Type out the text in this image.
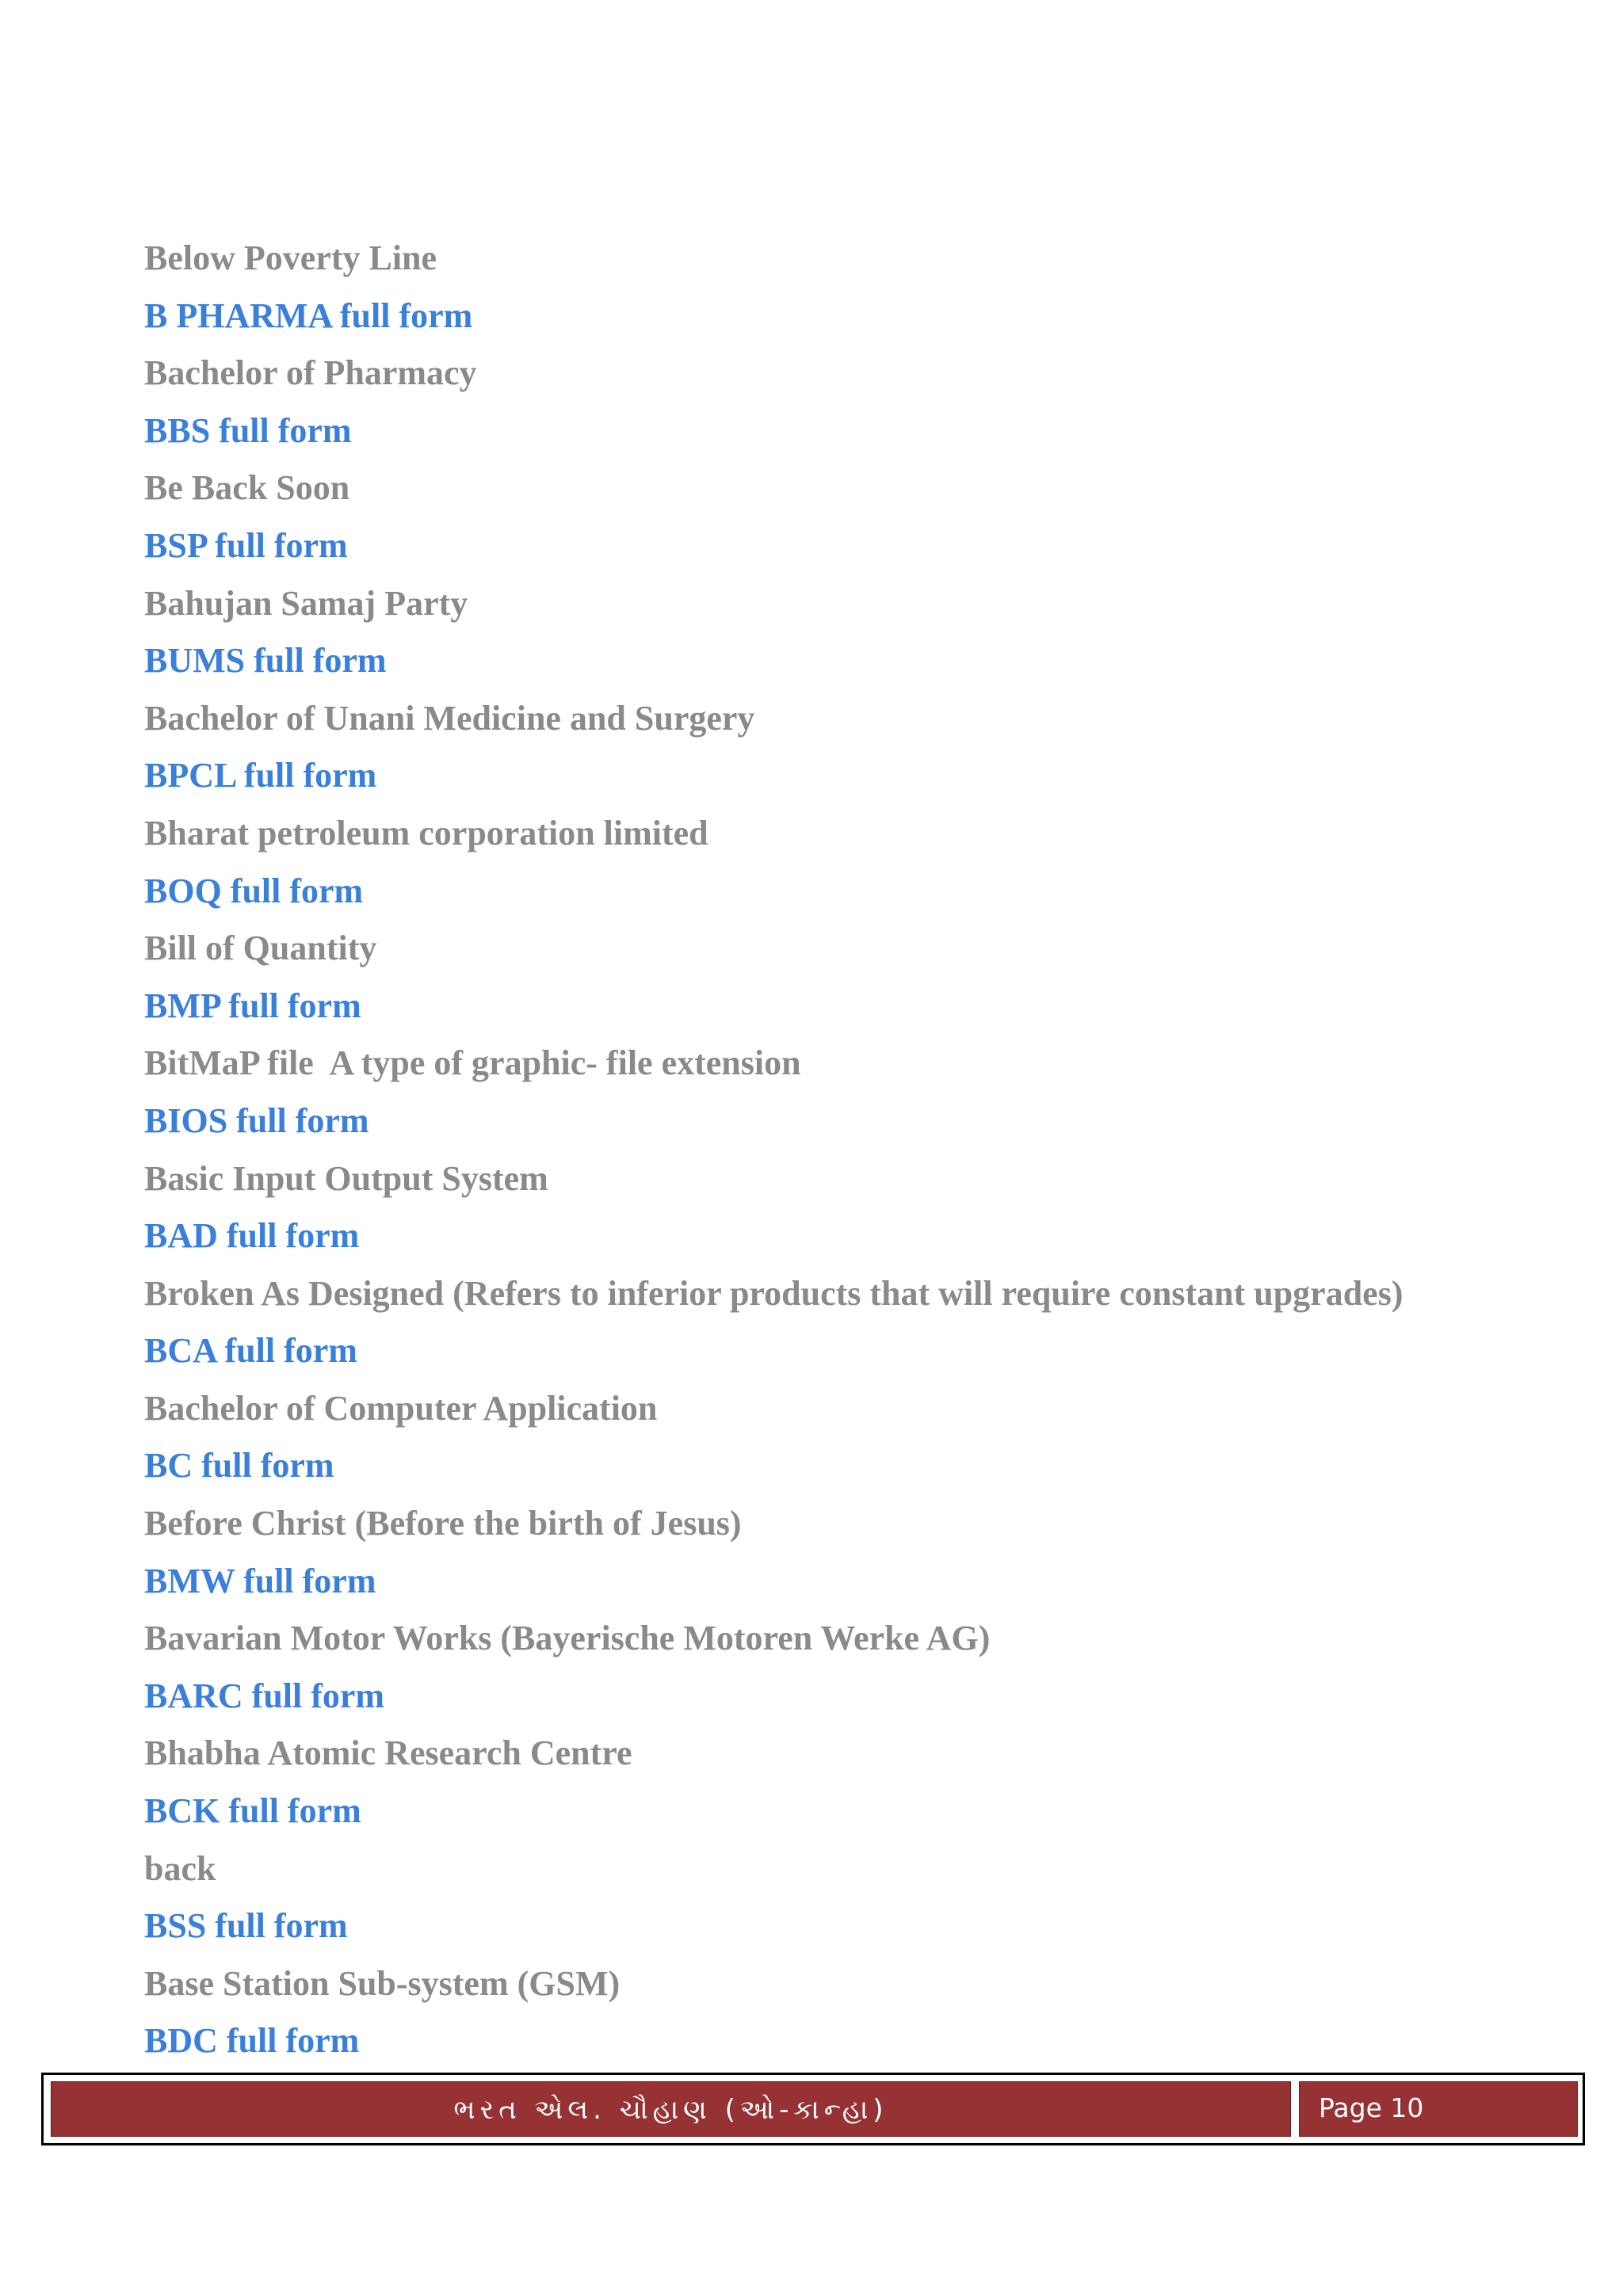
Below Poverty Line
B PHARMA full form
Bachelor of Pharmacy
BBS full form
Be Back Soon
BSP full form
Bahujan Samaj Party
BUMS full form
Bachelor of Unani Medicine and Surgery
BPCL full form
Bharat petroleum corporation limited
BOQ full form
Bill of Quantity
BMP full form
BitMaP file  A type of graphic- file extension
BIOS full form
Basic Input Output System
BAD full form
Broken As Designed (Refers to inferior products that will require constant upgrades)
BCA full form
Bachelor of Computer Application
BC full form
Before Christ (Before the birth of Jesus)
BMW full form
Bavarian Motor Works (Bayerische Motoren Werke AG)
BARC full form
Bhabha Atomic Research Centre
BCK full form
back
BSS full form
Base Station Sub-system (GSM)
BDC full form
ભરત એલ. ચૌહાણ (ઓ-કાન્હા)	Page 10
